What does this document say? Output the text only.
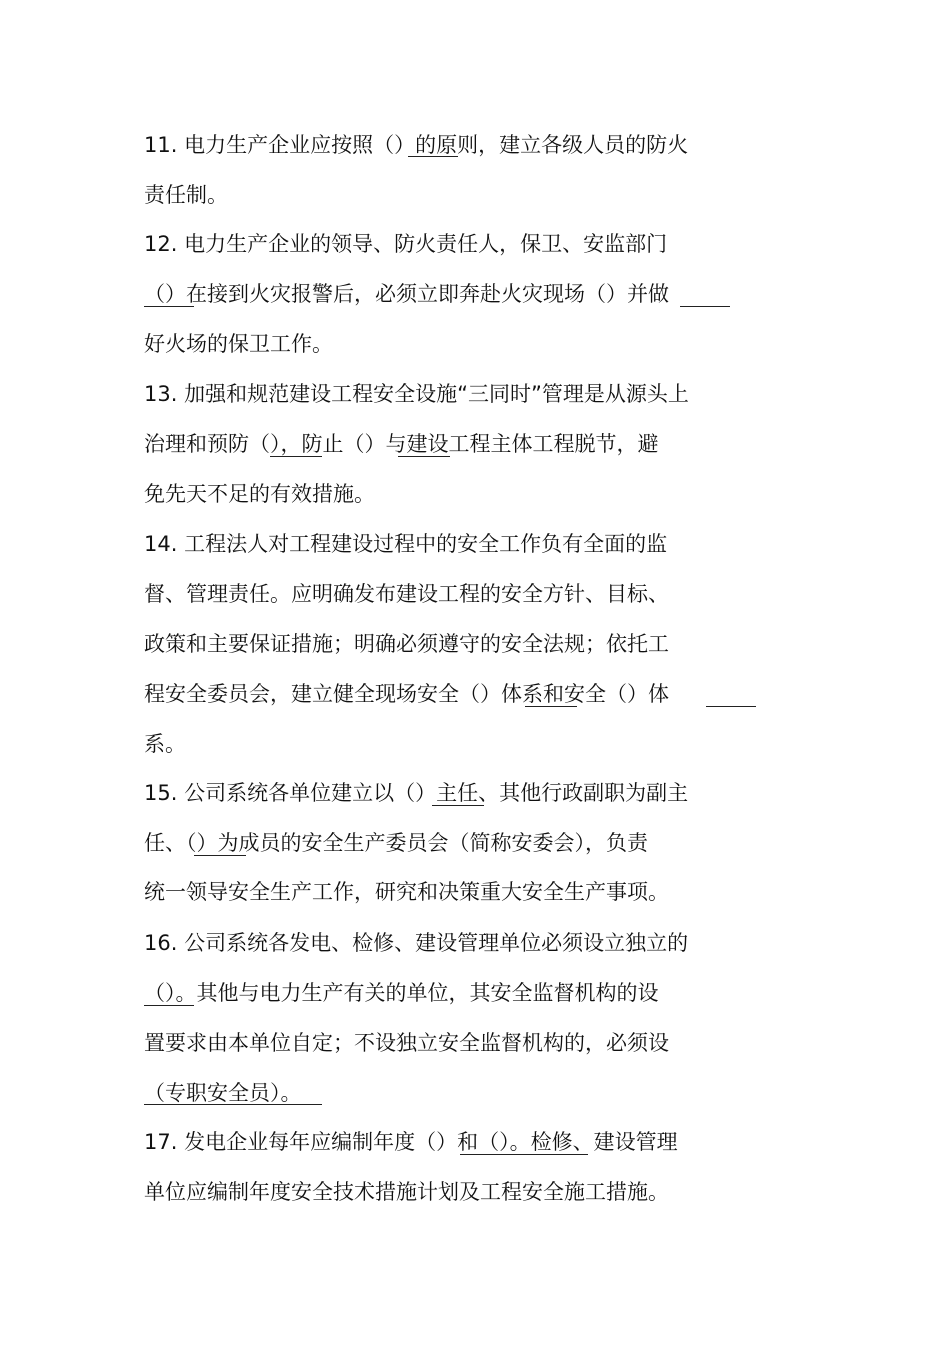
11. 电力生产企业应按照（）的原则，建立各级人员的防火
责任制。
12. 电力生产企业的领导、防火责任人，保卫、安监部门
（）在接到火灾报警后，必须立即奔赴火灾现场（）并做
好火场的保卫工作。
13. 加强和规范建设工程安全设施“三同时”管理是从源头上
治理和预防（），防止（）与建设工程主体工程脱节，避
免先天不足的有效措施。
14. 工程法人对工程建设过程中的安全工作负有全面的监
督、管理责任。应明确发布建设工程的安全方针、目标、
政策和主要保证措施；明确必须遵守的安全法规；依托工
程安全委员会，建立健全现场安全（）体系和安全（）体
系。
15. 公司系统各单位建立以（）主任、其他行政副职为副主
任、（）为成员的安全生产委员会（简称安委会），负责
统一领导安全生产工作，研究和决策重大安全生产事项。
16. 公司系统各发电、检修、建设管理单位必须设立独立的
（）。其他与电力生产有关的单位，其安全监督机构的设
置要求由本单位自定；不设独立安全监督机构的，必须设
（专职安全员）。
17. 发电企业每年应编制年度（）和（）。检修、建设管理
单位应编制年度安全技术措施计划及工程安全施工措施。
